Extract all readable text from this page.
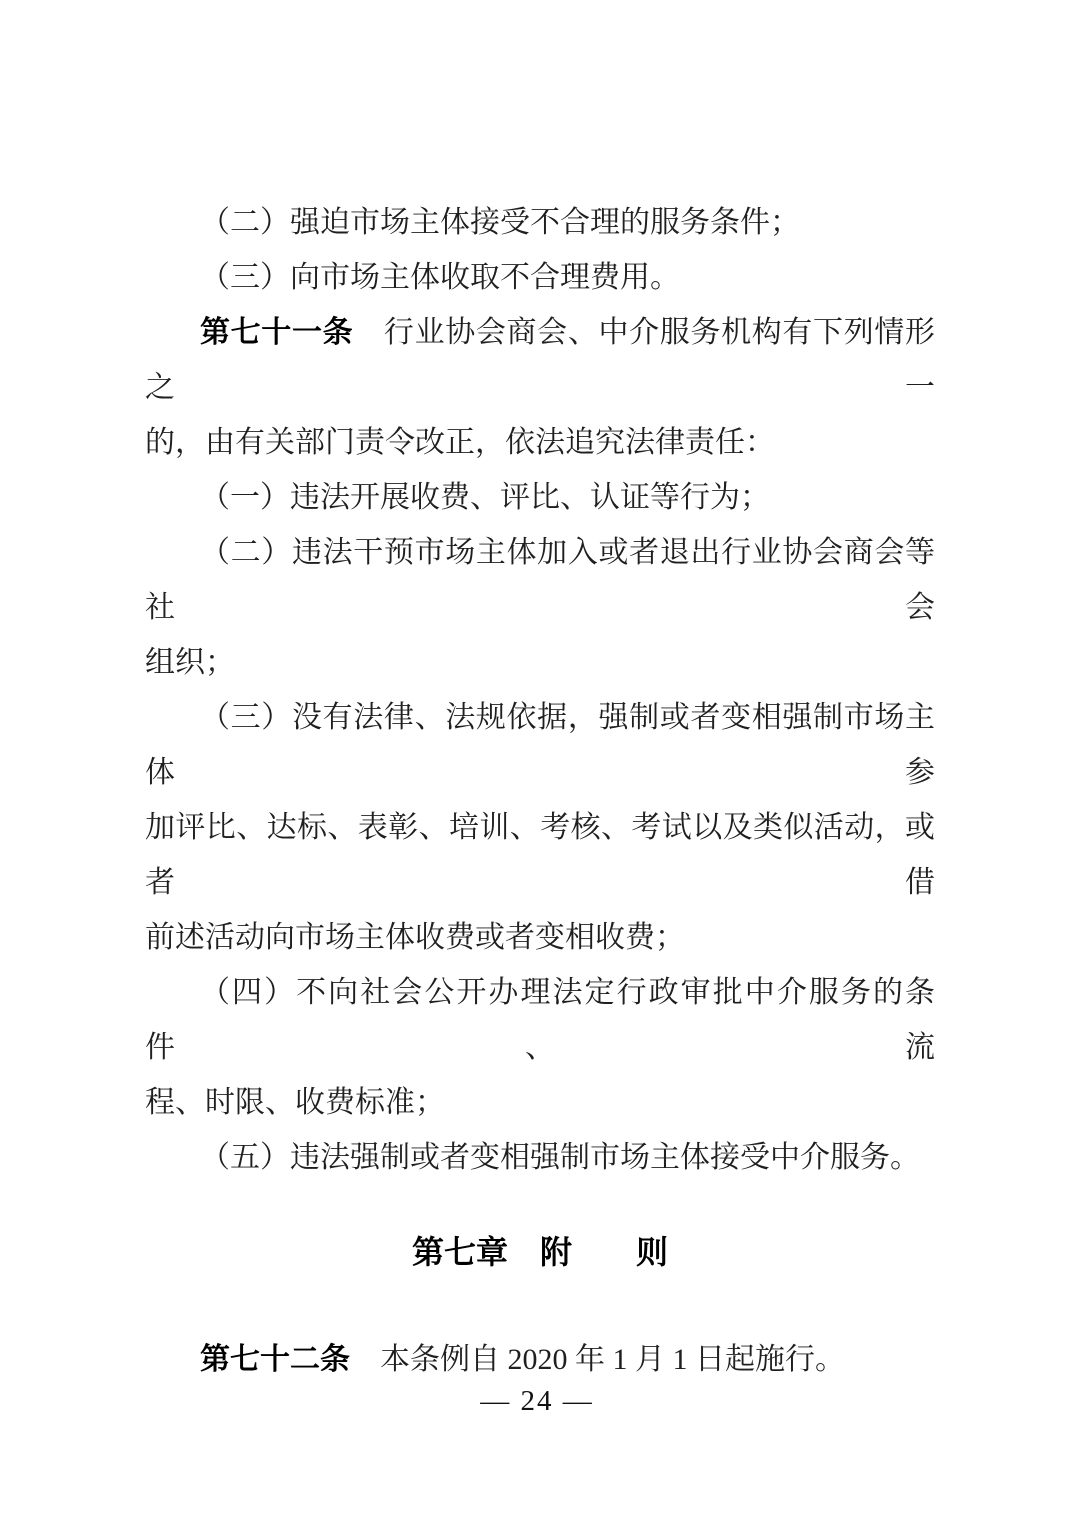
（二）强迫市场主体接受不合理的服务条件；
（三）向市场主体收取不合理费用。
第七十一条　行业协会商会、中介服务机构有下列情形之一
的，由有关部门责令改正，依法追究法律责任：
（一）违法开展收费、评比、认证等行为；
（二）违法干预市场主体加入或者退出行业协会商会等社会
组织；
（三）没有法律、法规依据，强制或者变相强制市场主体参
加评比、达标、表彰、培训、考核、考试以及类似活动，或者借
前述活动向市场主体收费或者变相收费；
（四）不向社会公开办理法定行政审批中介服务的条件、流
程、时限、收费标准；
（五）违法强制或者变相强制市场主体接受中介服务。
第七章　附　　则
第七十二条　本条例自 2020 年 1 月 1 日起施行。
— 24 —
